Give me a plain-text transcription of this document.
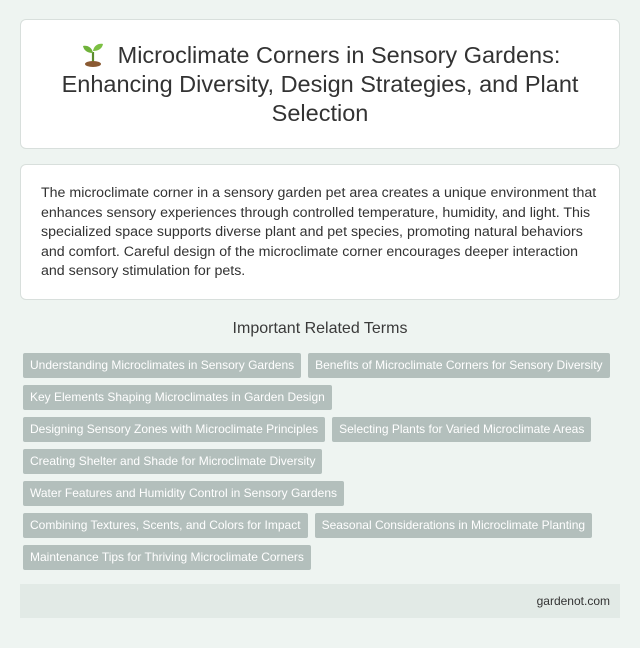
Microclimate Corners in Sensory Gardens: Enhancing Diversity, Design Strategies, and Plant Selection

The microclimate corner in a sensory garden pet area creates a unique environment that enhances sensory experiences through controlled temperature, humidity, and light. This specialized space supports diverse plant and pet species, promoting natural behaviors and comfort. Careful design of the microclimate corner encourages deeper interaction and sensory stimulation for pets.

Important Related Terms
Understanding Microclimates in Sensory Gardens	Benefits of Microclimate Corners for Sensory Diversity
Key Elements Shaping Microclimates in Garden Design
Designing Sensory Zones with Microclimate Principles	Selecting Plants for Varied Microclimate Areas
Creating Shelter and Shade for Microclimate Diversity
Water Features and Humidity Control in Sensory Gardens
Combining Textures, Scents, and Colors for Impact	Seasonal Considerations in Microclimate Planting
Maintenance Tips for Thriving Microclimate Corners
gardenot.com
